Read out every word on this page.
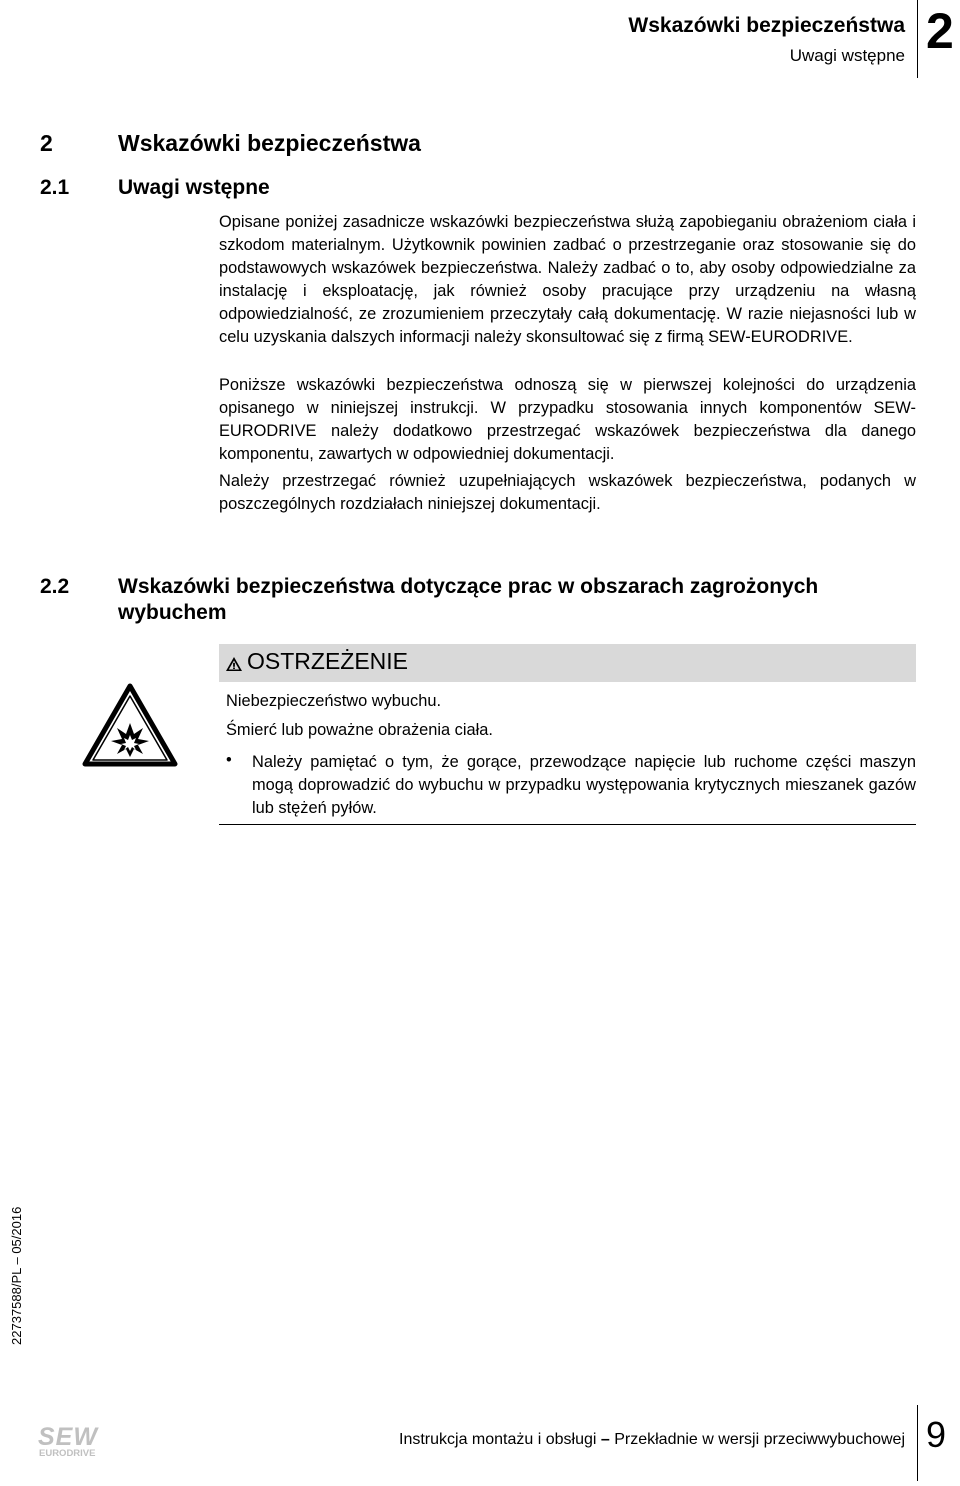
Wskazówki bezpieczeństwa
Uwagi wstępne 2
2	Wskazówki bezpieczeństwa
2.1 Uwagi wstępne

Opisane poniżej zasadnicze wskazówki bezpieczeństwa służą zapobieganiu obrażeniom ciała i szkodom materialnym. Użytkownik powinien zadbać o przestrzeganie oraz stosowanie się do podstawowych wskazówek bezpieczeństwa. Należy zadbać o to, aby osoby odpowiedzialne za instalację i eksploatację, jak również osoby pracujące przy urządzeniu na własną odpowiedzialność, ze zrozumieniem przeczytały całą dokumentację. W razie niejasności lub w celu uzyskania dalszych informacji należy skonsultować się z firmą SEW-EURODRIVE.

Poniższe wskazówki bezpieczeństwa odnoszą się w pierwszej kolejności do urządzenia opisanego w niniejszej instrukcji. W przypadku stosowania innych komponentów SEW-EURODRIVE należy dodatkowo przestrzegać wskazówek bezpieczeństwa dla danego komponentu, zawartych w odpowiedniej dokumentacji.

Należy przestrzegać również uzupełniających wskazówek bezpieczeństwa, podanych w poszczególnych rozdziałach niniejszej dokumentacji.

2.2 Wskazówki bezpieczeństwa dotyczące prac w obszarach zagrożonych
wybuchem
OSTRZEŻENIE
Niebezpieczeństwo wybuchu.
Śmierć lub poważne obrażenia ciała.
• Należy pamiętać o tym, że gorące, przewodzące napięcie lub ruchome części maszyn mogą doprowadzić do wybuchu w przypadku występowania krytycznych mieszanek gazów lub stężeń pyłów.

22737588/PL – 05/2016
SEW
EURODRIVE
Instrukcja montażu i obsługi – Przekładnie w wersji przeciwwybuchowej 9
